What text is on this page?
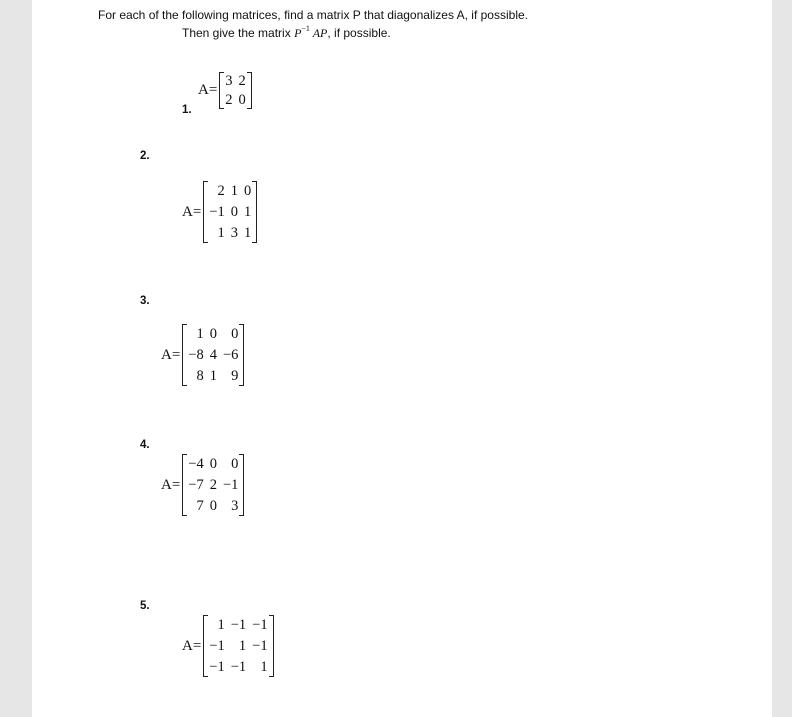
For each of the following matrices, find a matrix P that diagonalizes A, if possible.
Then give the matrix $P^{-1}$ AP, if possible.
1.
A=
3 2
2 0
2.
A=
2 1 0
−1 0 1
1 3 1
3.
A=
1 0 0
−8 4 −6
8 1 9
4.
A=
−4 0 0
−7 2 −1
7 0 3
5.
A=
1 −1 −1
−1 1 −1
−1 −1 1
